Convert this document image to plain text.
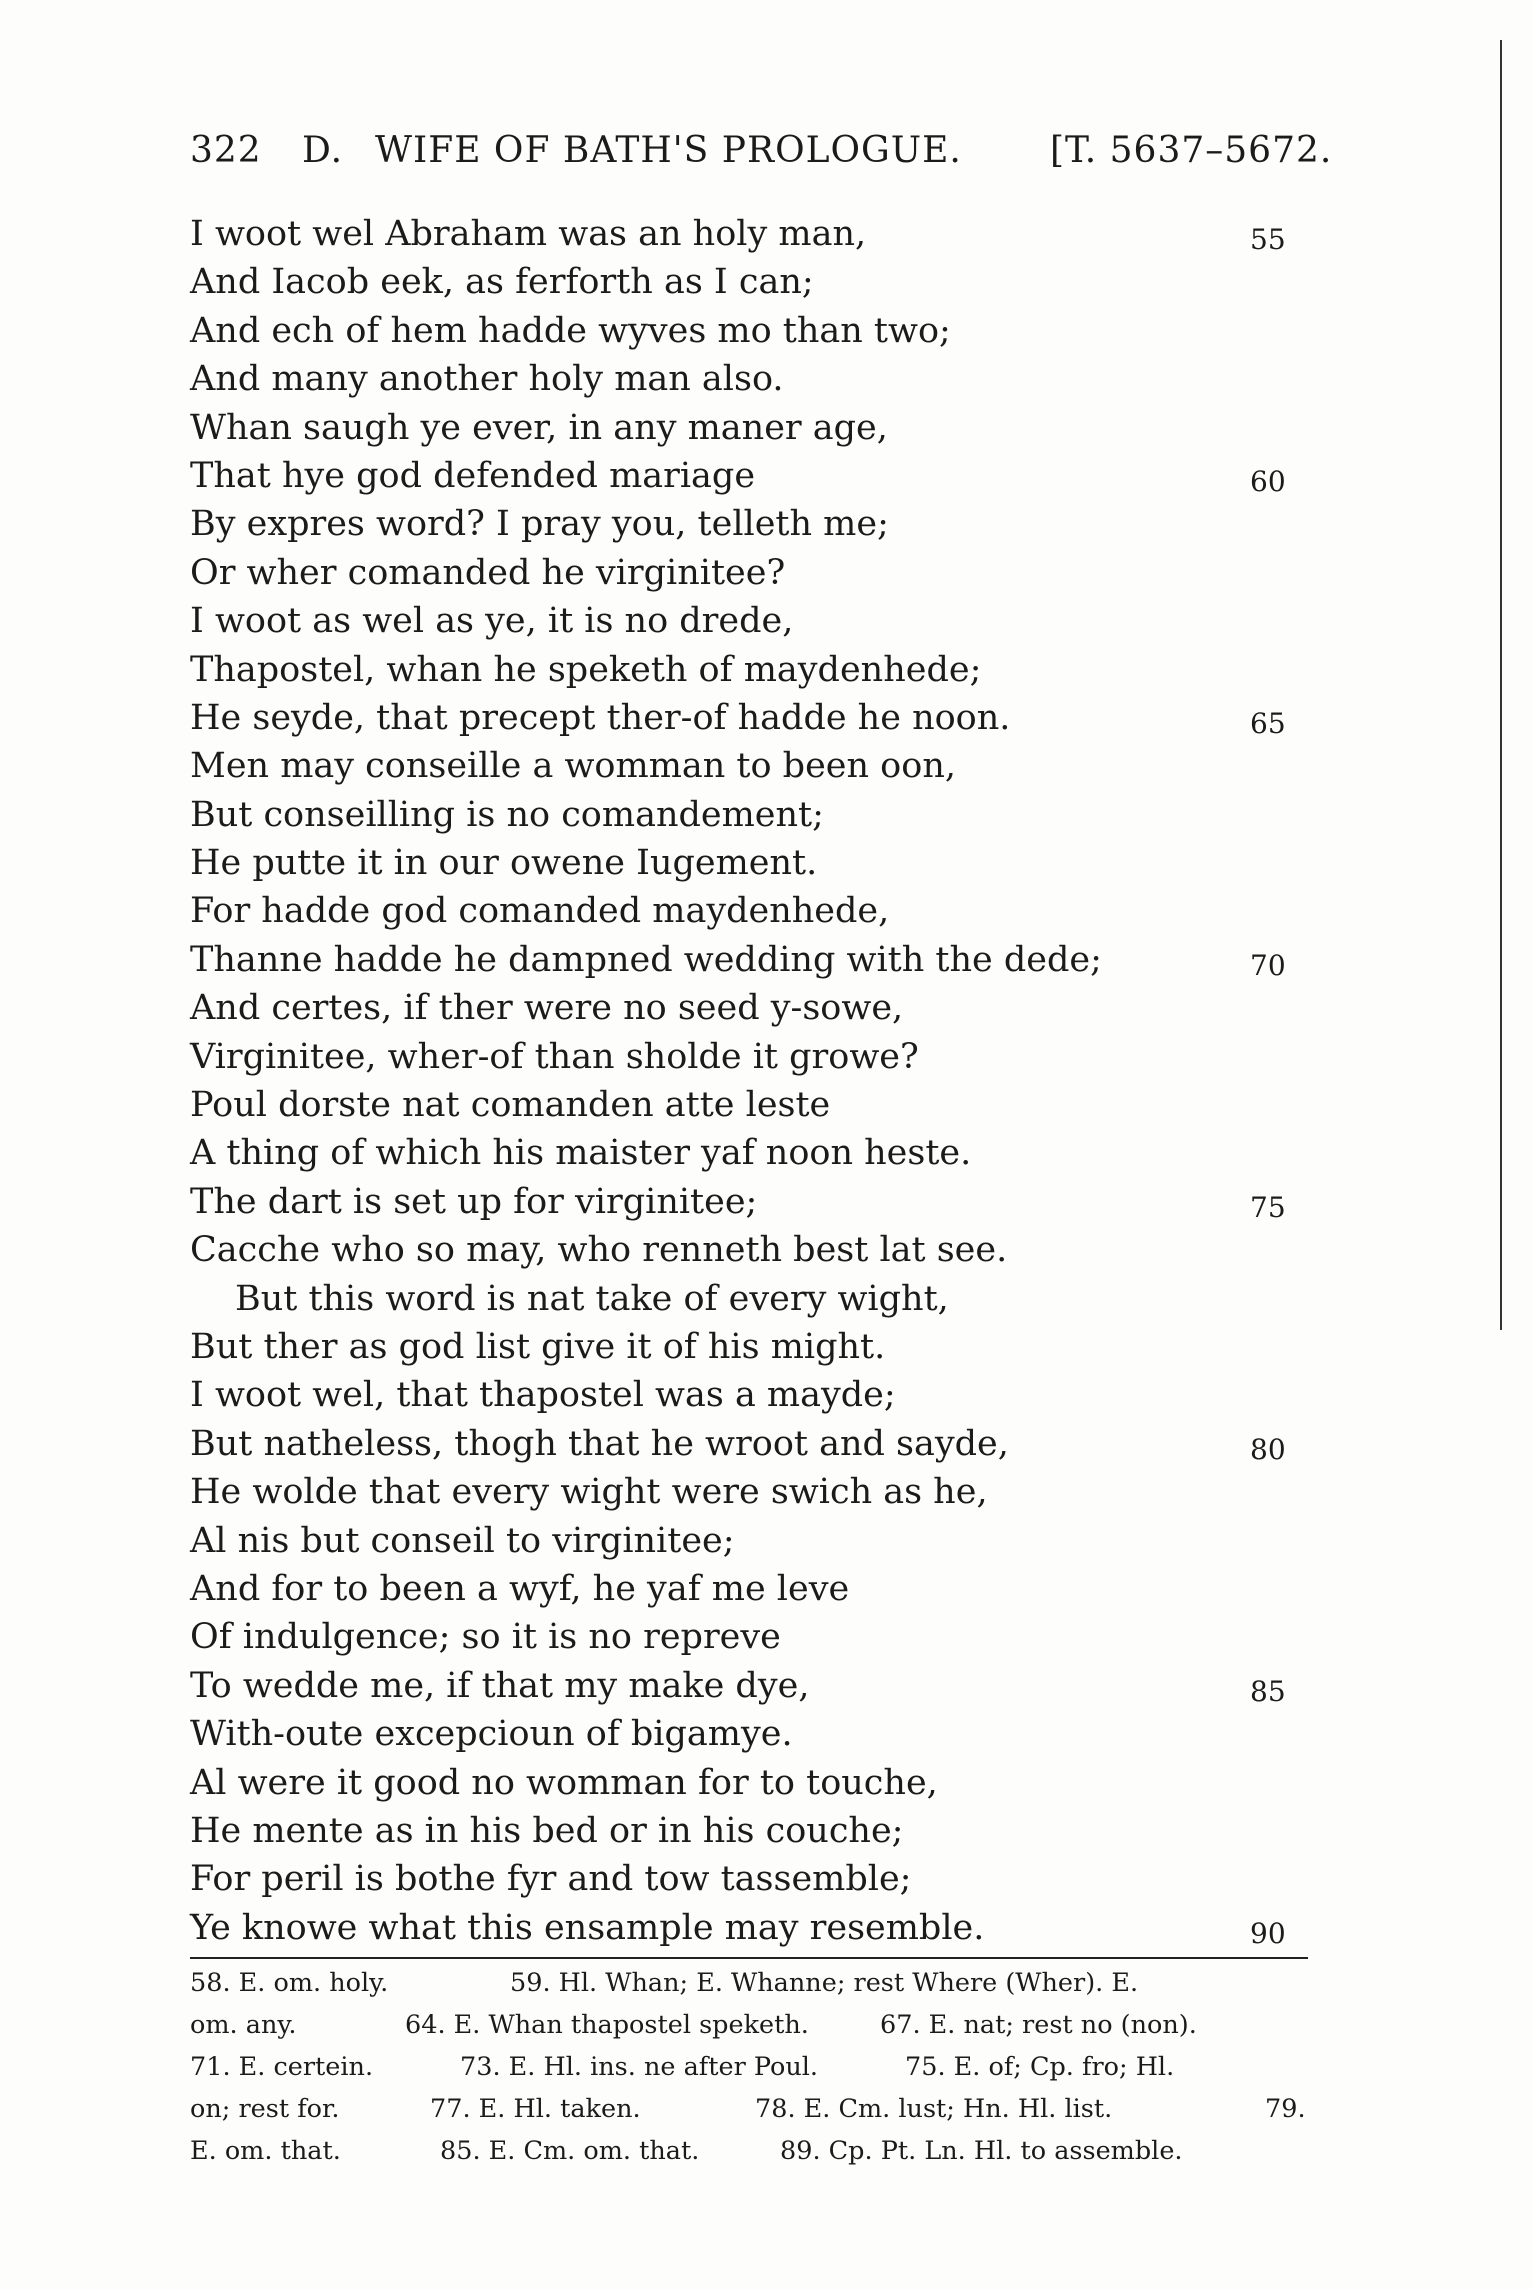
322 D. WIFE OF BATH'S PROLOGUE. [T. 5637–5672.
I woot wel Abraham was an holy man,	55
And Iacob eek, as ferforth as I can;
And ech of hem hadde wyves mo than two;
And many another holy man also.
Whan saugh ye ever, in any maner age,
That hye god defended mariage	60
By expres word? I pray you, telleth me;
Or wher comanded he virginitee?
I woot as wel as ye, it is no drede,
Thapostel, whan he speketh of maydenhede;
He seyde, that precept ther-of hadde he noon.	65
Men may conseille a womman to been oon,
But conseilling is no comandement;
He putte it in our owene Iugement.
For hadde god comanded maydenhede,
Thanne hadde he dampned wedding with the dede;	70
And certes, if ther were no seed y-sowe,
Virginitee, wher-of than sholde it growe?
Poul dorste nat comanden atte leste
A thing of which his maister yaf noon heste.
The dart is set up for virginitee;	75
Cacche who so may, who renneth best lat see.
But this word is nat take of every wight,
But ther as god list give it of his might.
I woot wel, that thapostel was a mayde;
But natheless, thogh that he wroot and sayde,	80
He wolde that every wight were swich as he,
Al nis but conseil to virginitee;
And for to been a wyf, he yaf me leve
Of indulgence; so it is no repreve
To wedde me, if that my make dye,	85
With-oute excepcioun of bigamye.
Al were it good no womman for to touche,
He mente as in his bed or in his couche;
For peril is bothe fyr and tow tassemble;
Ye knowe what this ensample may resemble.	90
58. E. om. holy.	59. Hl. Whan; E. Whanne; rest Where (Wher). E.
om. any.	64. E. Whan thapostel speketh.	67. E. nat; rest no (non).
71. E. certein.	73. E. Hl. ins. ne after Poul.	75. E. of; Cp. fro; Hl.
on; rest for.	77. E. Hl. taken.	78. E. Cm. lust; Hn. Hl. list.	79.
E. om. that.	85. E. Cm. om. that.	89. Cp. Pt. Ln. Hl. to assemble.
